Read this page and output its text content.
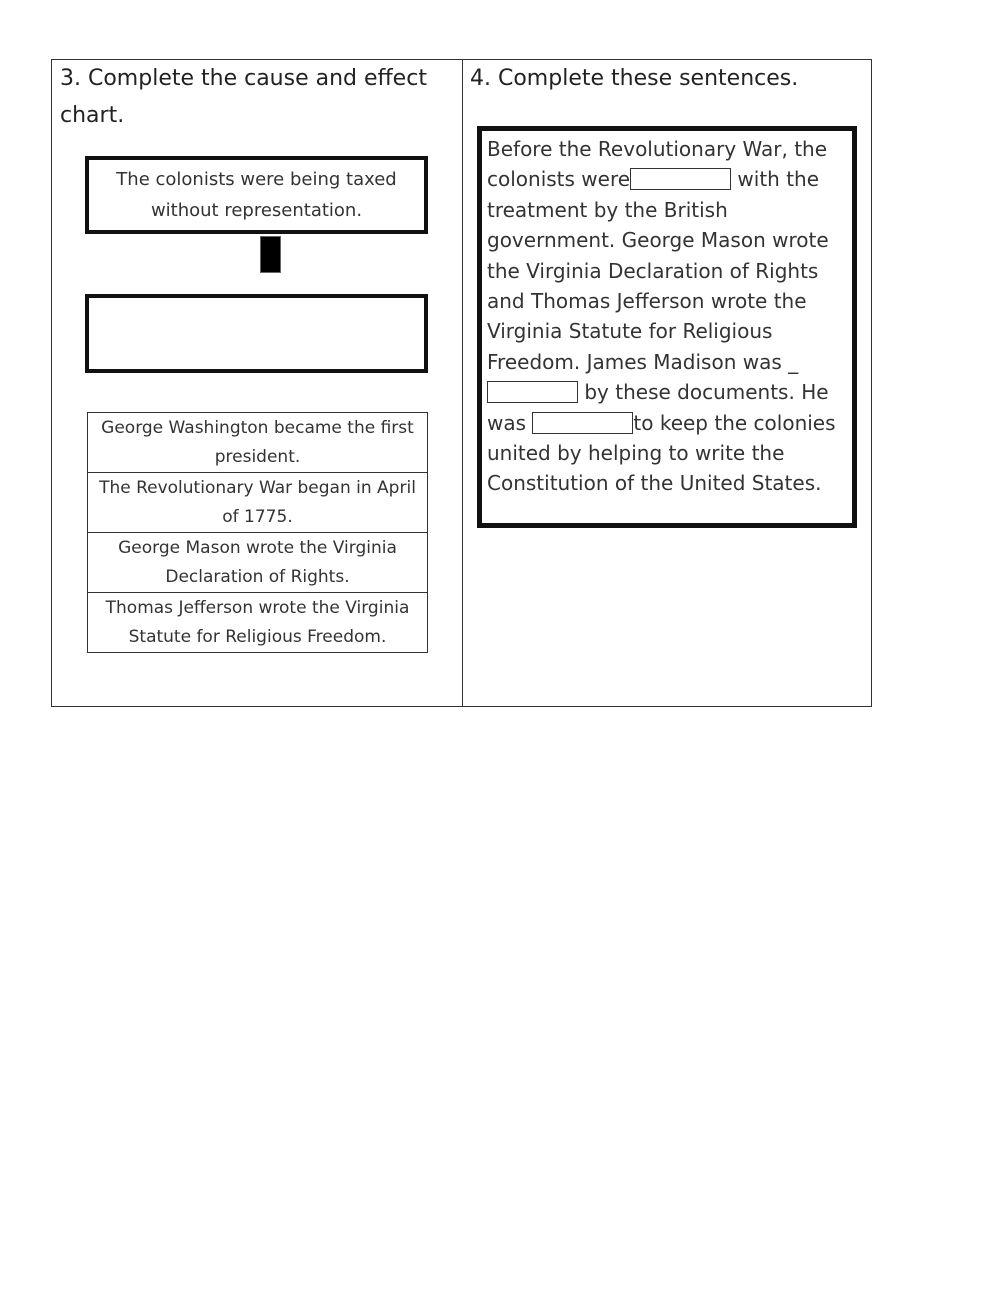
3. Complete the cause and effect chart.
The colonists were being taxed without representation.
George Washington became the first president.
The Revolutionary War began in April of 1775.
George Mason wrote the Virginia Declaration of Rights.
Thomas Jefferson wrote the Virginia Statute for Religious Freedom.
4. Complete these sentences.
Before the Revolutionary War, the colonists were	with the treatment by the British government. George Mason wrote the Virginia Declaration of Rights and Thomas Jefferson wrote the Virginia Statute for Religious Freedom. James Madison was _ by these documents. He was	to keep the colonies united by helping to write the Constitution of the United States.
